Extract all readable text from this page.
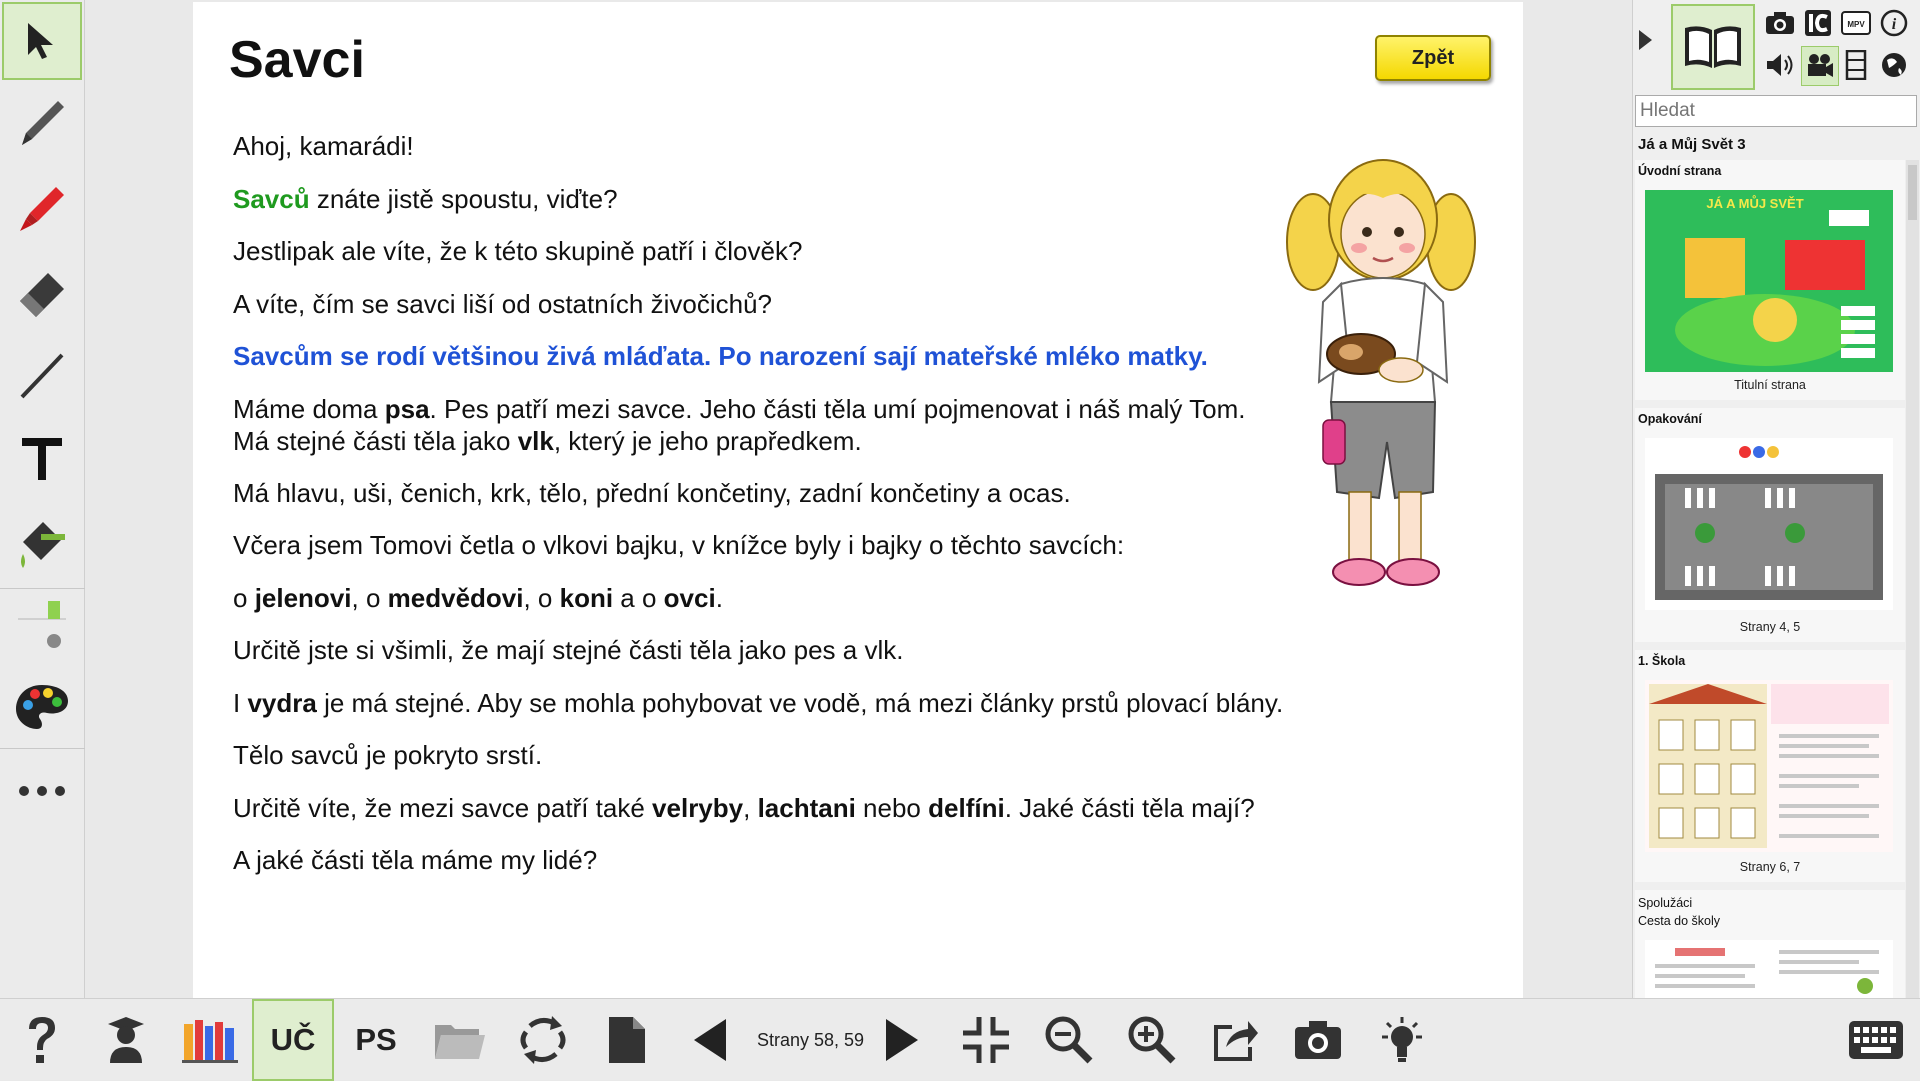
Savci	Zpět

Ahoj, kamarádi!

Savců znáte jistě spoustu, viďte?

Jestlipak ale víte, že k této skupině patří i člověk?

A víte, čím se savci liší od ostatních živočichů?

Savcům se rodí většinou živá mláďata. Po narození sají mateřské mléko matky.

Máme doma psa. Pes patří mezi savce. Jeho části těla umí pojmenovat i náš malý Tom.
Má stejné části těla jako vlk, který je jeho prapředkem.

Má hlavu, uši, čenich, krk, tělo, přední končetiny, zadní končetiny a ocas.

Včera jsem Tomovi četla o vlkovi bajku, v knížce byly i bajky o těchto savcích:

o jelenovi, o medvědovi, o koni a o ovci.

Určitě jste si všimli, že mají stejné části těla jako pes a vlk.

I vydra je má stejné. Aby se mohla pohybovat ve vodě, má mezi články prstů plovací blány.

Tělo savců je pokryto srstí.

Určitě víte, že mezi savce patří také velryby, lachtani nebo delfíni. Jaké části těla mají?

A jaké části těla máme my lidé?

MPV i
Hledat
Já a Můj Svět 3
Úvodní strana
JÁ A MŮJ SVĚT
Titulní strana
Opakování
Strany 4, 5
1. Škola
Strany 6, 7
Spolužáci
Cesta do školy
UČ PS	Strany 58, 59
